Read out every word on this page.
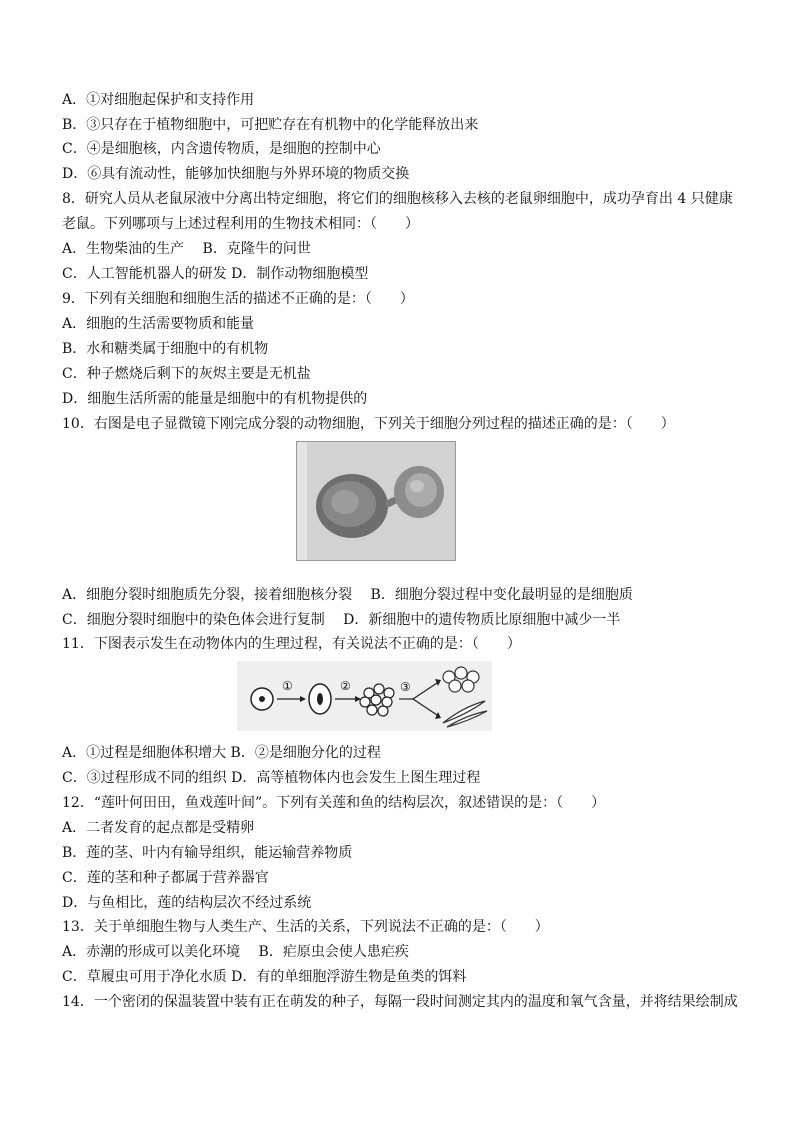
A．①对细胞起保护和支持作用
B．③只存在于植物细胞中，可把贮存在有机物中的化学能释放出来
C．④是细胞核，内含遗传物质，是细胞的控制中心
D．⑥具有流动性，能够加快细胞与外界环境的物质交换
8．研究人员从老鼠尿液中分离出特定细胞，将它们的细胞核移入去核的老鼠卵细胞中，成功孕育出 4 只健康
老鼠。下列哪项与上述过程利用的生物技术相同：（　　）
A．生物柴油的生产　 B．克隆牛的问世
C．人工智能机器人的研发 D．制作动物细胞模型
9．下列有关细胞和细胞生活的描述不正确的是：（　　）
A．细胞的生活需要物质和能量
B．水和糖类属于细胞中的有机物
C．种子燃烧后剩下的灰烬主要是无机盐
D．细胞生活所需的能量是细胞中的有机物提供的
10．右图是电子显微镜下刚完成分裂的动物细胞，下列关于细胞分列过程的描述正确的是：（　　）
A．细胞分裂时细胞质先分裂，接着细胞核分裂　 B．细胞分裂过程中变化最明显的是细胞质
C．细胞分裂时细胞中的染色体会进行复制　 D．新细胞中的遗传物质比原细胞中减少一半
11．下图表示发生在动物体内的生理过程，有关说法不正确的是：（　　）
①	②	③
A．①过程是细胞体积增大 B．②是细胞分化的过程
C．③过程形成不同的组织 D．高等植物体内也会发生上图生理过程
12．“莲叶何田田，鱼戏莲叶间”。下列有关莲和鱼的结构层次，叙述错误的是：（　　）
A．二者发育的起点都是受精卵
B．莲的茎、叶内有输导组织，能运输营养物质
C．莲的茎和种子都属于营养器官
D．与鱼相比，莲的结构层次不经过系统
13．关于单细胞生物与人类生产、生活的关系，下列说法不正确的是：（　　）
A．赤潮的形成可以美化环境　 B．疟原虫会使人患疟疾
C．草履虫可用于净化水质 D．有的单细胞浮游生物是鱼类的饵料
14．一个密闭的保温装置中装有正在萌发的种子，每隔一段时间测定其内的温度和氧气含量，并将结果绘制成
